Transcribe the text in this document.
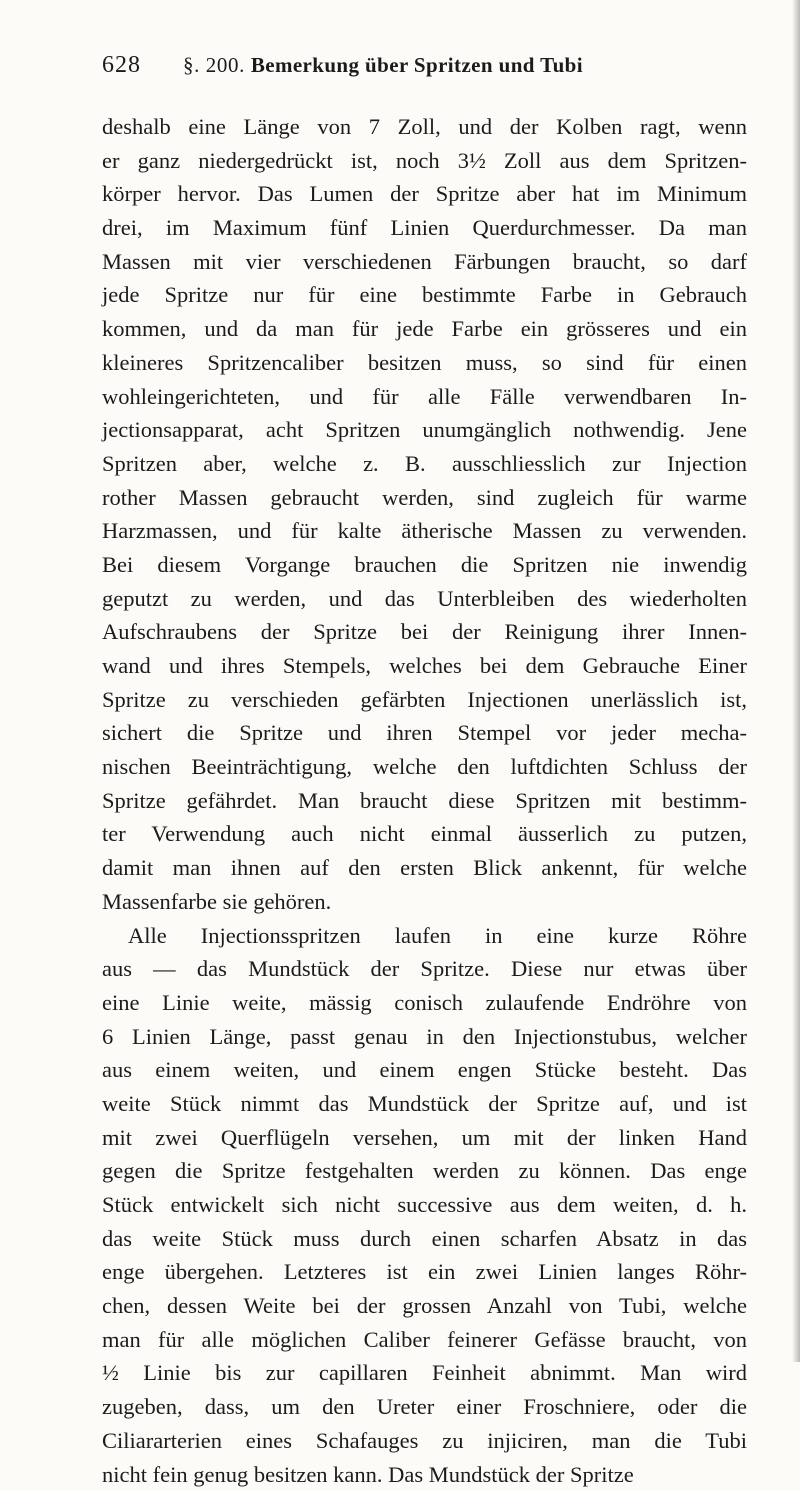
628 §. 200. Bemerkung über Spritzen und Tubi
deshalb eine Länge von 7 Zoll, und der Kolben ragt, wenn
er ganz niedergedrückt ist, noch 3½ Zoll aus dem Spritzen-
körper hervor. Das Lumen der Spritze aber hat im Minimum
drei, im Maximum fünf Linien Querdurchmesser. Da man
Massen mit vier verschiedenen Färbungen braucht, so darf
jede Spritze nur für eine bestimmte Farbe in Gebrauch
kommen, und da man für jede Farbe ein grösseres und ein
kleineres Spritzencaliber besitzen muss, so sind für einen
wohleingerichteten, und für alle Fälle verwendbaren In-
jectionsapparat, acht Spritzen unumgänglich nothwendig. Jene
Spritzen aber, welche z. B. ausschliesslich zur Injection
rother Massen gebraucht werden, sind zugleich für warme
Harzmassen, und für kalte ätherische Massen zu verwenden.
Bei diesem Vorgange brauchen die Spritzen nie inwendig
geputzt zu werden, und das Unterbleiben des wiederholten
Aufschraubens der Spritze bei der Reinigung ihrer Innen-
wand und ihres Stempels, welches bei dem Gebrauche Einer
Spritze zu verschieden gefärbten Injectionen unerlässlich ist,
sichert die Spritze und ihren Stempel vor jeder mecha-
nischen Beeinträchtigung, welche den luftdichten Schluss der
Spritze gefährdet. Man braucht diese Spritzen mit bestimm-
ter Verwendung auch nicht einmal äusserlich zu putzen,
damit man ihnen auf den ersten Blick ankennt, für welche
Massenfarbe sie gehören.
Alle Injectionsspritzen laufen in eine kurze Röhre
aus — das Mundstück der Spritze. Diese nur etwas über
eine Linie weite, mässig conisch zulaufende Endröhre von
6 Linien Länge, passt genau in den Injectionstubus, welcher
aus einem weiten, und einem engen Stücke besteht. Das
weite Stück nimmt das Mundstück der Spritze auf, und ist
mit zwei Querflügeln versehen, um mit der linken Hand
gegen die Spritze festgehalten werden zu können. Das enge
Stück entwickelt sich nicht successive aus dem weiten, d. h.
das weite Stück muss durch einen scharfen Absatz in das
enge übergehen. Letzteres ist ein zwei Linien langes Röhr-
chen, dessen Weite bei der grossen Anzahl von Tubi, welche
man für alle möglichen Caliber feinerer Gefässe braucht, von
½ Linie bis zur capillaren Feinheit abnimmt. Man wird
zugeben, dass, um den Ureter einer Froschniere, oder die
Ciliararterien eines Schafauges zu injiciren, man die Tubi
nicht fein genug besitzen kann. Das Mundstück der Spritze
